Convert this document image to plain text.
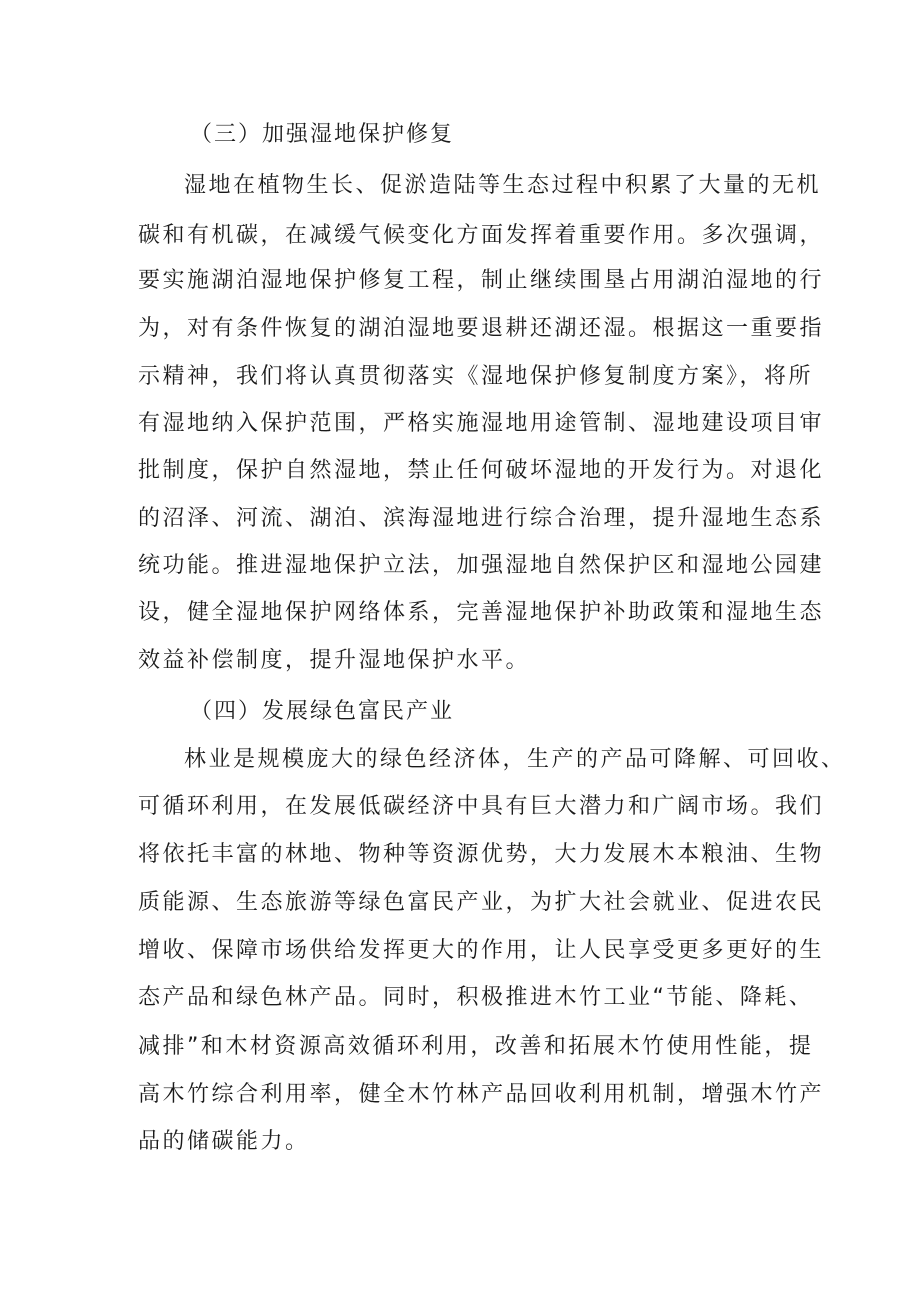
（三）加强湿地保护修复
湿地在植物生长、促淤造陆等生态过程中积累了大量的无机
碳和有机碳，在减缓气候变化方面发挥着重要作用。多次强调，
要实施湖泊湿地保护修复工程，制止继续围垦占用湖泊湿地的行
为，对有条件恢复的湖泊湿地要退耕还湖还湿。根据这一重要指
示精神，我们将认真贯彻落实《湿地保护修复制度方案》，将所
有湿地纳入保护范围，严格实施湿地用途管制、湿地建设项目审
批制度，保护自然湿地，禁止任何破坏湿地的开发行为。对退化
的沼泽、河流、湖泊、滨海湿地进行综合治理，提升湿地生态系
统功能。推进湿地保护立法，加强湿地自然保护区和湿地公园建
设，健全湿地保护网络体系，完善湿地保护补助政策和湿地生态
效益补偿制度，提升湿地保护水平。
（四）发展绿色富民产业
林业是规模庞大的绿色经济体，生产的产品可降解、可回收、
可循环利用，在发展低碳经济中具有巨大潜力和广阔市场。我们
将依托丰富的林地、物种等资源优势，大力发展木本粮油、生物
质能源、生态旅游等绿色富民产业，为扩大社会就业、促进农民
增收、保障市场供给发挥更大的作用，让人民享受更多更好的生
态产品和绿色林产品。同时，积极推进木竹工业“节能、降耗、
减排”和木材资源高效循环利用，改善和拓展木竹使用性能，提
高木竹综合利用率，健全木竹林产品回收利用机制，增强木竹产
品的储碳能力。
